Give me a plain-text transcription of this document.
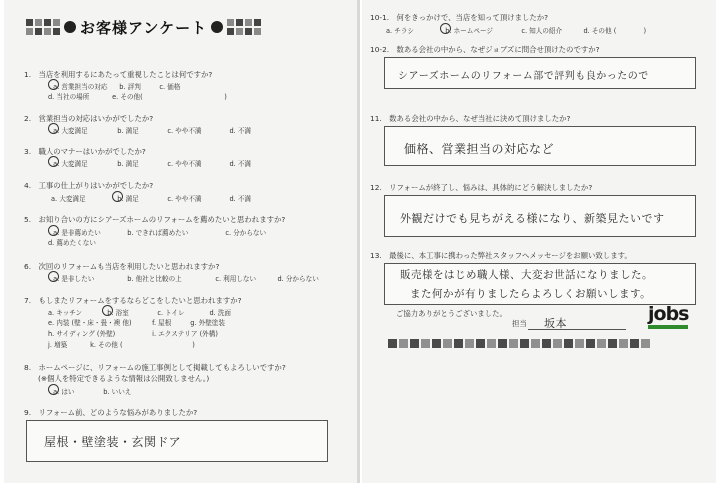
お客様アンケート
1.　当店を利用するにあたって重視したことは何ですか?
a. 営業担当の対応 b. 評判	c. 価格
d. 当社の場所	e. その他(	)
2.　営業担当の対応はいかがでしたか?
a. 大変満足	b. 満足	c. やや不満	d. 不満
3.　職人のマナーはいかがでしたか?
a. 大変満足	b. 満足	c. やや不満	d. 不満
4.　工事の仕上がりはいかがでしたか?
a. 大変満足	b. 満足	c. やや不満	d. 不満
5.　お知り合いの方にシアーズホームのリフォームを薦めたいと思われますか?
a. 是非薦めたい	b. できれば薦めたい	c. 分からない
d. 薦めたくない
6.　次回のリフォームも当店を利用したいと思われますか?
a. 是非したい	b. 他社と比較の上	c. 利用しない	d. 分からない
7.　もしまたリフォームをするならどこをしたいと思われますか?
a. キッチン	b. 浴室	c. トイレ	d. 洗面
e. 内装 (壁・床・畳・襖 他)	f. 屋根	g. 外壁塗装
h. サイディング (外壁)	i. エクステリア (外構)
j. 増築	k. その他 (	)
8.　ホームページに、リフォームの施工事例として掲載してもよろしいですか?
(※個人を特定できるような情報は公開致しません。)
a. はい	b. いいえ
9.　リフォーム前、どのような悩みがありましたか?
屋根・壁塗装・玄関ドア
10-1.　何をきっかけで、当店を知って頂けましたか?
a. チラシ	b. ホームページ	c. 知人の紹介	d. その他 (	)
10-2.　数ある会社の中から、なぜジョブズに問合せ頂けたのですか?
シアーズホームのリフォーム部で評判も良かったので
11.　数ある会社の中から、なぜ当社に決めて頂けましたか?
価格、営業担当の対応など
12.　リフォームが終了し、悩みは、具体的にどう解決しましたか?
外観だけでも見ちがえる様になり、新築見たいです
13.　最後に、本工事に携わった弊社スタッフへメッセージをお願い致します。
販売様をはじめ職人様、大変お世話になりました。
また何かが有りましたらよろしくお願いします。
ご協力ありがとうございました。
担当 坂本	jobs
